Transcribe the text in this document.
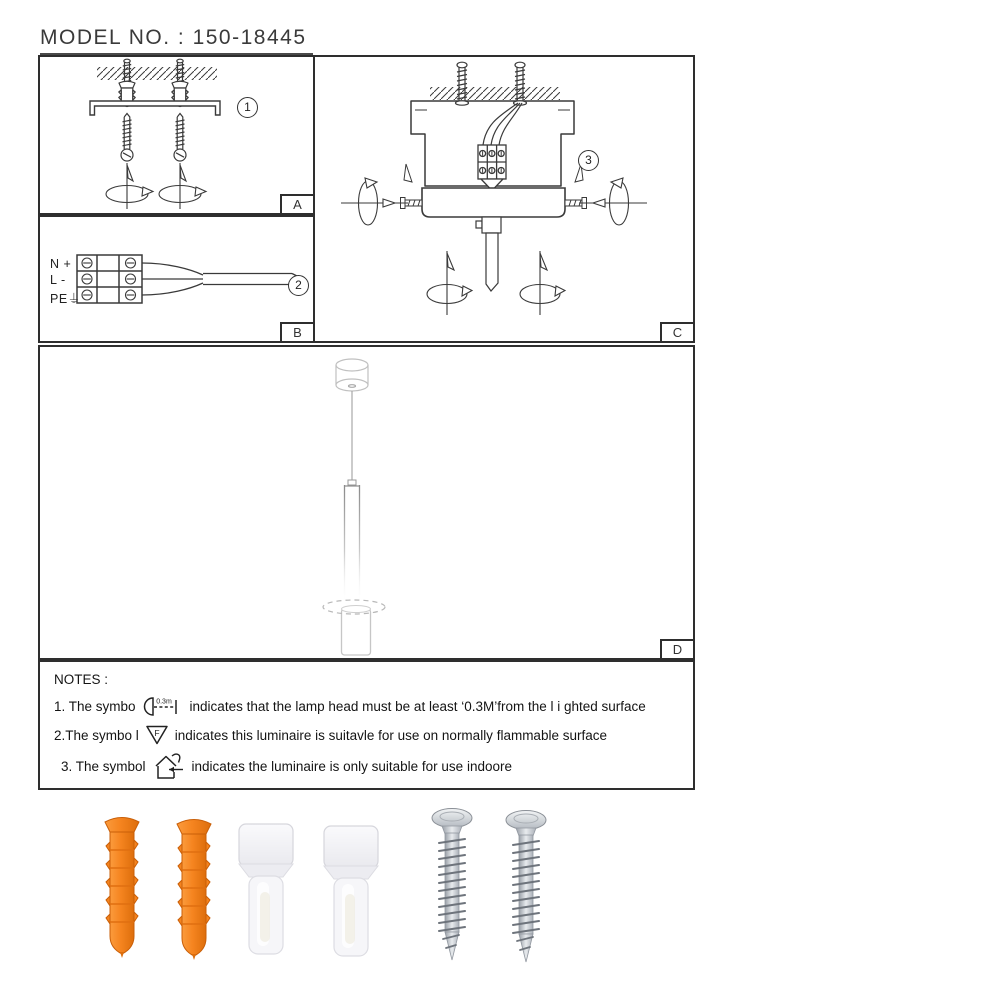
MODEL NO. : 150-18445
1
A
N +
L -
PE⏚
2
B
3
C
D
NOTES :
1. The symbo	0.3m indicates that the lamp head must be at least ‘0.3M’from the l i ghted surface
2.The symbo l F indicates this luminaire is suitavle for use on normally flammable surface
3. The symbol	indicates the luminaire is only suitable for use indoore
